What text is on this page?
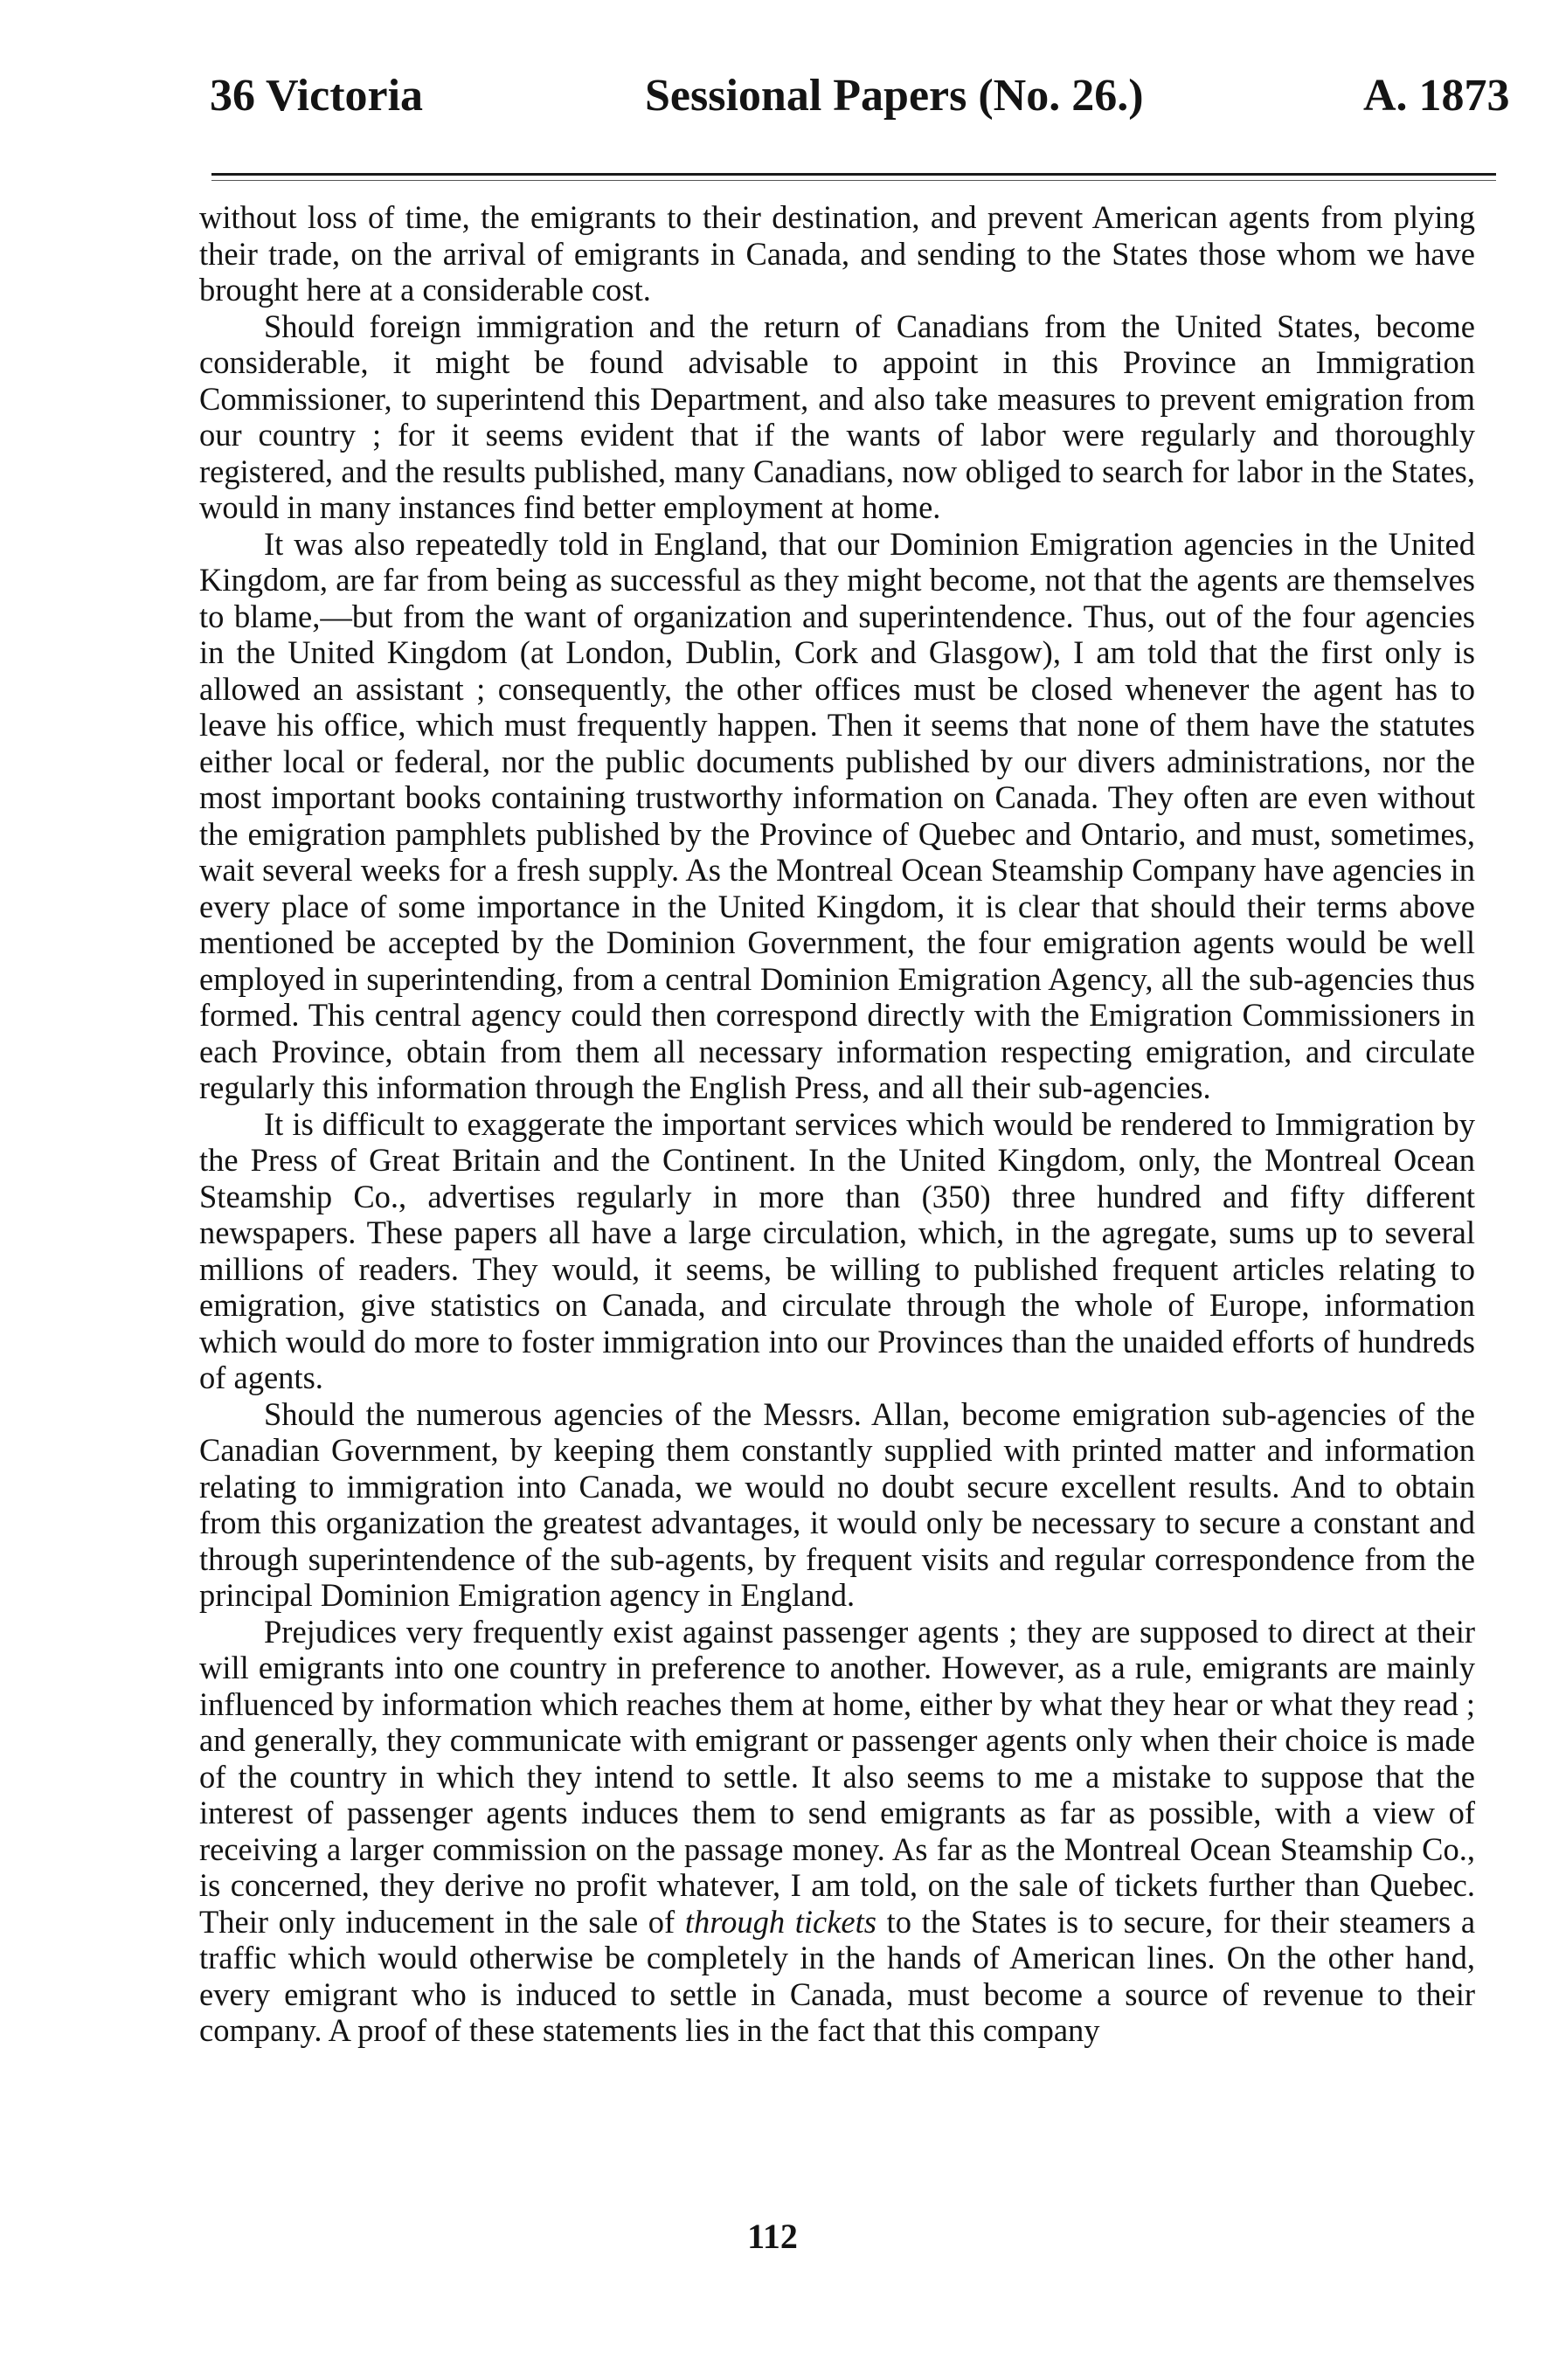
36 Victoria	Sessional Papers (No. 26.)	A. 1873

without loss of time, the emigrants to their destination, and prevent American agents from plying their trade, on the arrival of emigrants in Canada, and sending to the States those whom we have brought here at a considerable cost.

Should foreign immigration and the return of Canadians from the United States, become considerable, it might be found advisable to appoint in this Province an Immigration Commissioner, to superintend this Department, and also take measures to prevent emigration from our country ; for it seems evident that if the wants of labor were regularly and thoroughly registered, and the results published, many Canadians, now obliged to search for labor in the States, would in many instances find better employment at home.

It was also repeatedly told in England, that our Dominion Emigration agencies in the United Kingdom, are far from being as successful as they might become, not that the agents are themselves to blame,—but from the want of organization and superintendence. Thus, out of the four agencies in the United Kingdom (at London, Dublin, Cork and Glasgow), I am told that the first only is allowed an assistant ; consequently, the other offices must be closed whenever the agent has to leave his office, which must frequently happen. Then it seems that none of them have the statutes either local or federal, nor the public documents published by our divers administrations, nor the most important books containing trustworthy information on Canada. They often are even without the emigration pamphlets published by the Province of Quebec and Ontario, and must, sometimes, wait several weeks for a fresh supply. As the Montreal Ocean Steamship Company have agencies in every place of some importance in the United Kingdom, it is clear that should their terms above mentioned be accepted by the Dominion Government, the four emigration agents would be well employed in superintending, from a central Dominion Emigration Agency, all the sub-agencies thus formed. This central agency could then correspond directly with the Emigration Commissioners in each Province, obtain from them all necessary information respecting emigration, and circulate regularly this information through the English Press, and all their sub-agencies.

It is difficult to exaggerate the important services which would be rendered to Immigration by the Press of Great Britain and the Continent. In the United Kingdom, only, the Montreal Ocean Steamship Co., advertises regularly in more than (350) three hundred and fifty different newspapers. These papers all have a large circulation, which, in the agregate, sums up to several millions of readers. They would, it seems, be willing to published frequent articles relating to emigration, give statistics on Canada, and circulate through the whole of Europe, information which would do more to foster immigration into our Provinces than the unaided efforts of hundreds of agents.

Should the numerous agencies of the Messrs. Allan, become emigration sub-agencies of the Canadian Government, by keeping them constantly supplied with printed matter and information relating to immigration into Canada, we would no doubt secure excellent results. And to obtain from this organization the greatest advantages, it would only be necessary to secure a constant and through superintendence of the sub-agents, by frequent visits and regular correspondence from the principal Dominion Emigration agency in England.

Prejudices very frequently exist against passenger agents ; they are supposed to direct at their will emigrants into one country in preference to another. However, as a rule, emigrants are mainly influenced by information which reaches them at home, either by what they hear or what they read ; and generally, they communicate with emigrant or passenger agents only when their choice is made of the country in which they intend to settle. It also seems to me a mistake to suppose that the interest of passenger agents induces them to send emigrants as far as possible, with a view of receiving a larger commission on the passage money. As far as the Montreal Ocean Steamship Co., is concerned, they derive no profit whatever, I am told, on the sale of tickets further than Quebec. Their only inducement in the sale of through tickets to the States is to secure, for their steamers a traffic which would otherwise be completely in the hands of American lines. On the other hand, every emigrant who is induced to settle in Canada, must become a source of revenue to their company. A proof of these statements lies in the fact that this company

112
